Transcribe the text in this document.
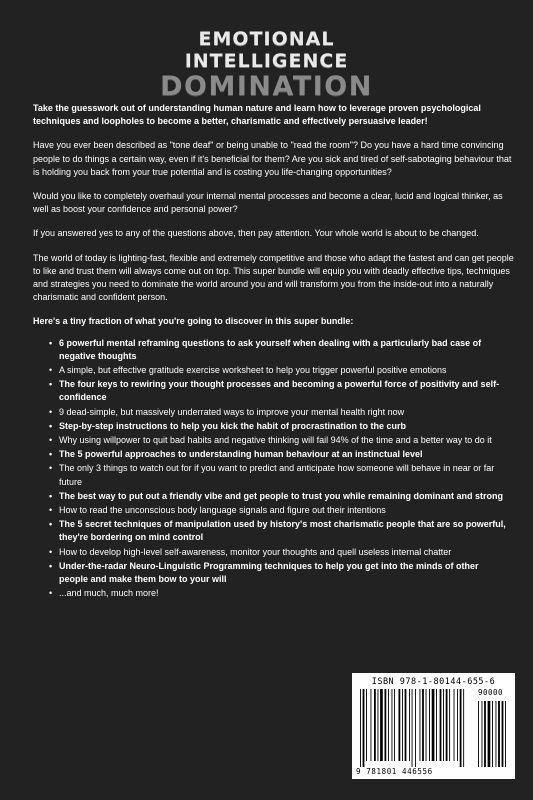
EMOTIONAL
INTELLIGENCE
DOMINATION

Take the guesswork out of understanding human nature and learn how to leverage proven psychological techniques and loopholes to become a better, charismatic and effectively persuasive leader!

Have you ever been described as "tone deaf" or being unable to "read the room"? Do you have a hard time convincing people to do things a certain way, even if it's beneficial for them? Are you sick and tired of self-sabotaging behaviour that is holding you back from your true potential and is costing you life-changing opportunities?

Would you like to completely overhaul your internal mental processes and become a clear, lucid and logical thinker, as well as boost your confidence and personal power?

If you answered yes to any of the questions above, then pay attention. Your whole world is about to be changed.

The world of today is lighting-fast, flexible and extremely competitive and those who adapt the fastest and can get people to like and trust them will always come out on top. This super bundle will equip you with deadly effective tips, techniques and strategies you need to dominate the world around you and will transform you from the inside-out into a naturally charismatic and confident person.

Here's a tiny fraction of what you're going to discover in this super bundle:

• 6 powerful mental reframing questions to ask yourself when dealing with a particularly bad case of negative thoughts
• A simple, but effective gratitude exercise worksheet to help you trigger powerful positive emotions
• The four keys to rewiring your thought processes and becoming a powerful force of positivity and self-confidence
• 9 dead-simple, but massively underrated ways to improve your mental health right now
• Step-by-step instructions to help you kick the habit of procrastination to the curb
• Why using willpower to quit bad habits and negative thinking will fail 94% of the time and a better way to do it
• The 5 powerful approaches to understanding human behaviour at an instinctual level
• The only 3 things to watch out for if you want to predict and anticipate how someone will behave in near or far future
• The best way to put out a friendly vibe and get people to trust you while remaining dominant and strong
• How to read the unconscious body language signals and figure out their intentions
• The 5 secret techniques of manipulation used by history's most charismatic people that are so powerful, they're bordering on mind control
• How to develop high-level self-awareness, monitor your thoughts and quell useless internal chatter
• Under-the-radar Neuro-Linguistic Programming techniques to help you get into the minds of other people and make them bow to your will
• ...and much, much more!
ISBN 978-1-80144-655-6
90000
9 781801 446556
